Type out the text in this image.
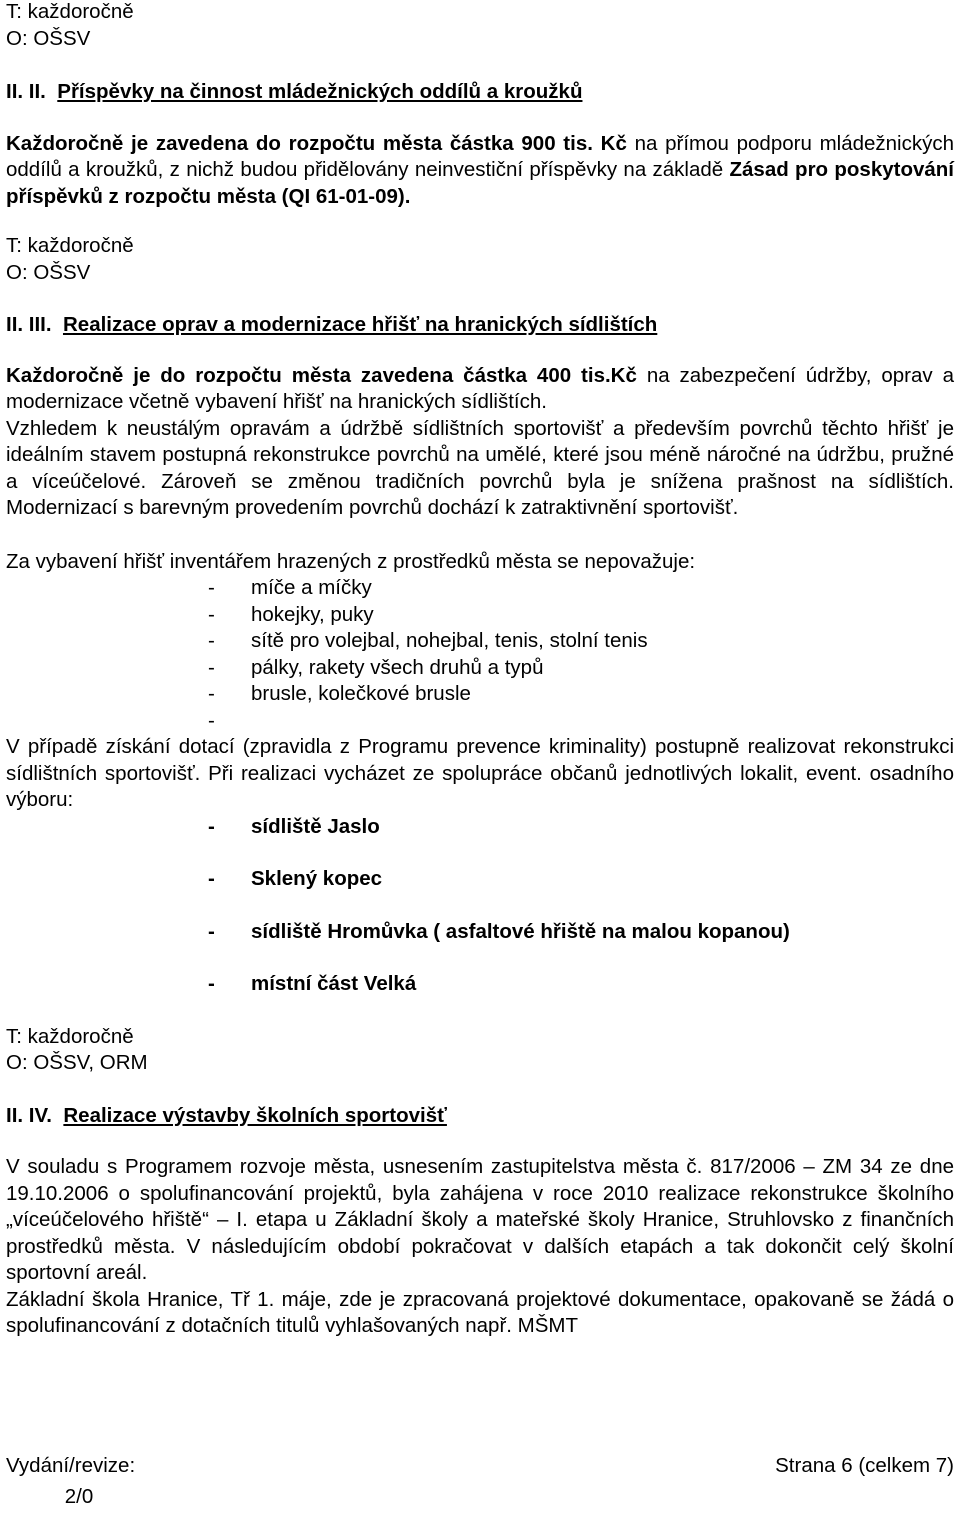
T: každoročně

O: OŠSV

II. II. Příspěvky na činnost mládežnických oddílů a kroužků

Každoročně je zavedena do rozpočtu města částka 900 tis. Kč na přímou podporu mládežnických oddílů a kroužků, z nichž budou přidělovány neinvestiční příspěvky na základě Zásad pro poskytování příspěvků z rozpočtu města (QI 61-01-09).

T: každoročně

O: OŠSV

II. III. Realizace oprav a modernizace hřišť na hranických sídlištích

Každoročně je do rozpočtu města zavedena částka 400 tis.Kč na zabezpečení údržby, oprav a modernizace včetně vybavení hřišť na hranických sídlištích.

Vzhledem k neustálým opravám a údržbě sídlištních sportovišť a především povrchů těchto hřišť je ideálním stavem postupná rekonstrukce povrchů na umělé, které jsou méně náročné na údržbu, pružné a víceúčelové. Zároveň se změnou tradičních povrchů byla je snížena prašnost na sídlištích. Modernizací s barevným provedením povrchů dochází k zatraktivnění sportovišť.

Za vybavení hřišť inventářem hrazených z prostředků města se nepovažuje:

-	míče a míčky
-	hokejky, puky
-	sítě pro volejbal, nohejbal, tenis, stolní tenis
-	pálky, rakety všech druhů a typů
-	brusle, kolečkové brusle
-

V případě získání dotací (zpravidla z Programu prevence kriminality) postupně realizovat rekonstrukci sídlištních sportovišť. Při realizaci vycházet ze spolupráce občanů jednotlivých lokalit, event. osadního výboru:

-	sídliště Jaslo
-	Sklený kopec
-	sídliště Hromůvka ( asfaltové hřiště na malou kopanou)
-	místní část Velká

T: každoročně

O: OŠSV, ORM

II. IV. Realizace výstavby školních sportovišť

V souladu s Programem rozvoje města, usnesením zastupitelstva města č. 817/2006 – ZM 34 ze dne 19.10.2006 o spolufinancování projektů, byla zahájena v roce 2010 realizace rekonstrukce školního „víceúčelového hřiště“ – I. etapa u Základní školy a mateřské školy Hranice, Struhlovsko z finančních prostředků města. V následujícím období pokračovat v dalších etapách a tak dokončit celý školní sportovní areál.

Základní škola Hranice, Tř 1. máje, zde je zpracovaná projektové dokumentace, opakovaně se žádá o spolufinancování z dotačních titulů vyhlašovaných např. MŠMT

Vydání/revize:	Strana 6 (celkem 7)
2/0
